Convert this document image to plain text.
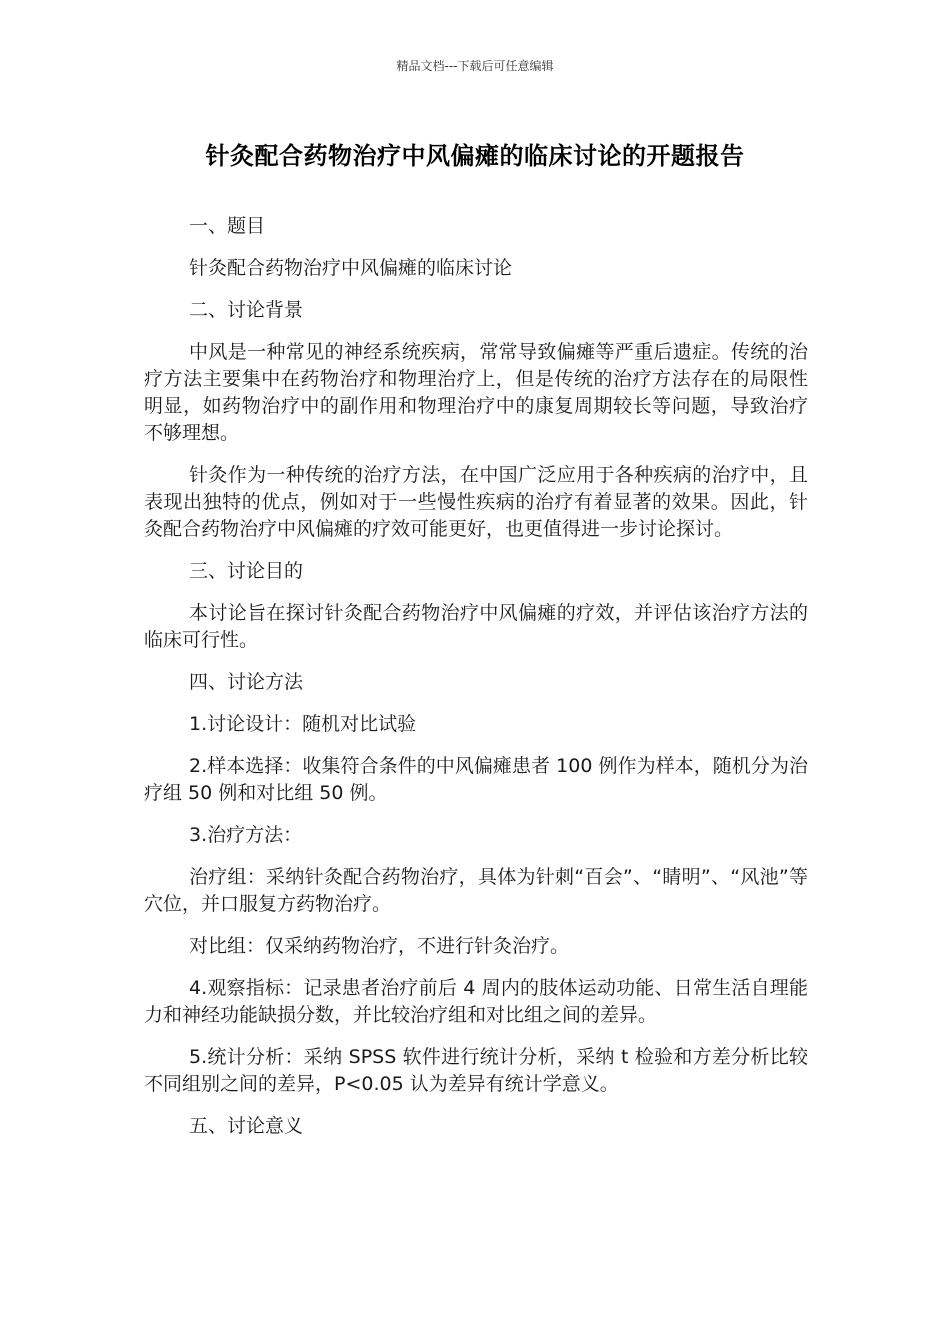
精品文档---下载后可任意编辑
针灸配合药物治疗中风偏瘫的临床讨论的开题报告

一、题目

针灸配合药物治疗中风偏瘫的临床讨论

二、讨论背景

中风是一种常见的神经系统疾病，常常导致偏瘫等严重后遗症。传统的治疗方法主要集中在药物治疗和物理治疗上，但是传统的治疗方法存在的局限性明显，如药物治疗中的副作用和物理治疗中的康复周期较长等问题，导致治疗不够理想。

针灸作为一种传统的治疗方法，在中国广泛应用于各种疾病的治疗中，且表现出独特的优点，例如对于一些慢性疾病的治疗有着显著的效果。因此，针灸配合药物治疗中风偏瘫的疗效可能更好，也更值得进一步讨论探讨。

三、讨论目的

本讨论旨在探讨针灸配合药物治疗中风偏瘫的疗效，并评估该治疗方法的临床可行性。

四、讨论方法

1.讨论设计：随机对比试验

2.样本选择：收集符合条件的中风偏瘫患者 100 例作为样本，随机分为治疗组 50 例和对比组 50 例。

3.治疗方法：

治疗组：采纳针灸配合药物治疗，具体为针刺“百会”、“睛明”、“风池”等穴位，并口服复方药物治疗。

对比组：仅采纳药物治疗，不进行针灸治疗。

4.观察指标：记录患者治疗前后 4 周内的肢体运动功能、日常生活自理能力和神经功能缺损分数，并比较治疗组和对比组之间的差异。

5.统计分析：采纳 SPSS 软件进行统计分析，采纳 t 检验和方差分析比较不同组别之间的差异，P<0.05 认为差异有统计学意义。

五、讨论意义
